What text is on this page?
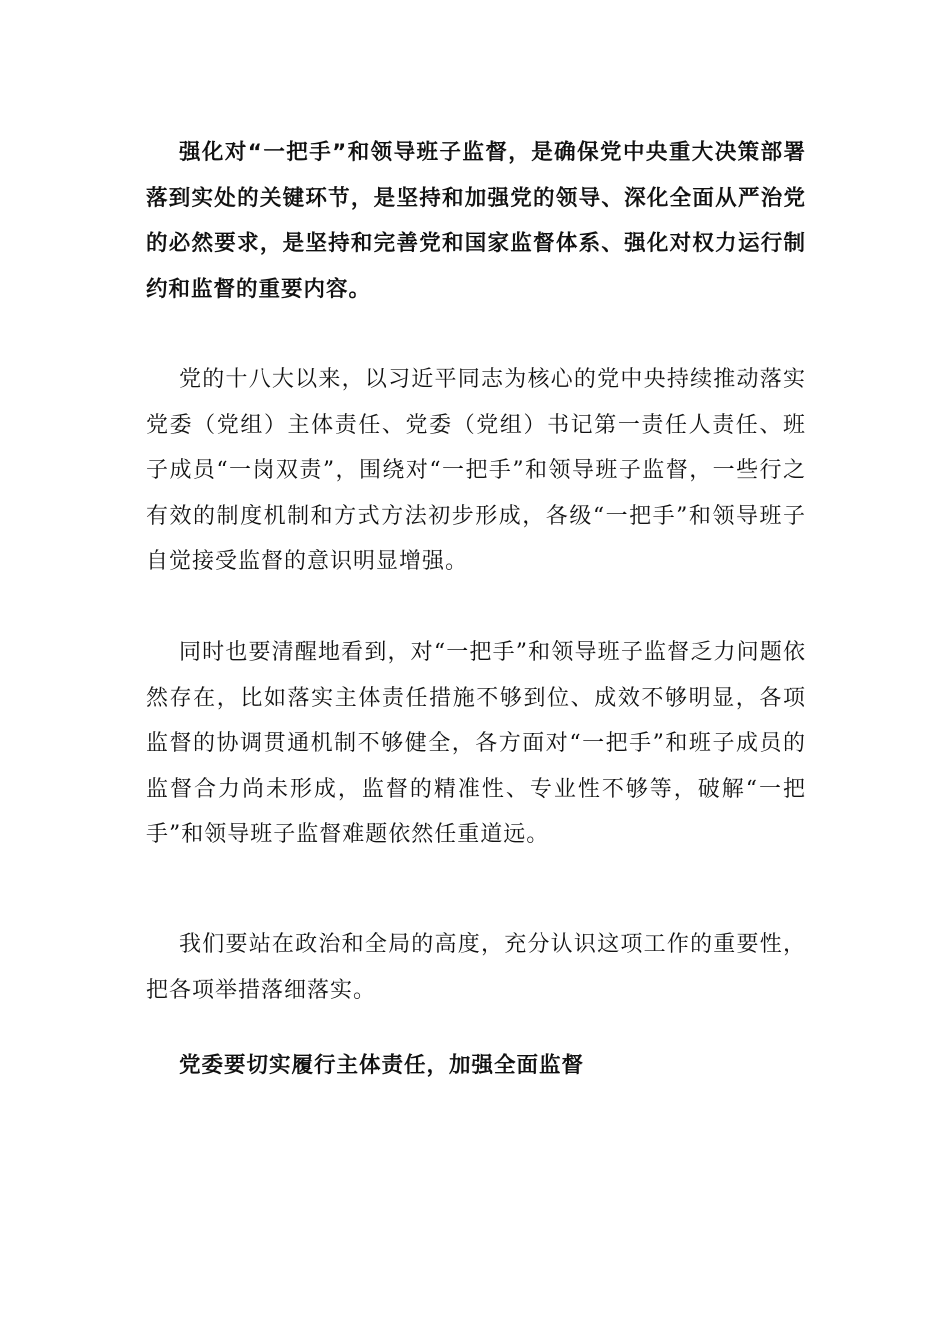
强化对“一把手”和领导班子监督，是确保党中央重大决策部署落到实处的关键环节，是坚持和加强党的领导、深化全面从严治党的必然要求，是坚持和完善党和国家监督体系、强化对权力运行制约和监督的重要内容。

党的十八大以来，以习近平同志为核心的党中央持续推动落实党委（党组）主体责任、党委（党组）书记第一责任人责任、班子成员“一岗双责”，围绕对“一把手”和领导班子监督，一些行之有效的制度机制和方式方法初步形成，各级“一把手”和领导班子自觉接受监督的意识明显增强。

同时也要清醒地看到，对“一把手”和领导班子监督乏力问题依然存在，比如落实主体责任措施不够到位、成效不够明显，各项监督的协调贯通机制不够健全，各方面对“一把手”和班子成员的监督合力尚未形成，监督的精准性、专业性不够等，破解“一把手”和领导班子监督难题依然任重道远。

我们要站在政治和全局的高度，充分认识这项工作的重要性，把各项举措落细落实。

党委要切实履行主体责任，加强全面监督
